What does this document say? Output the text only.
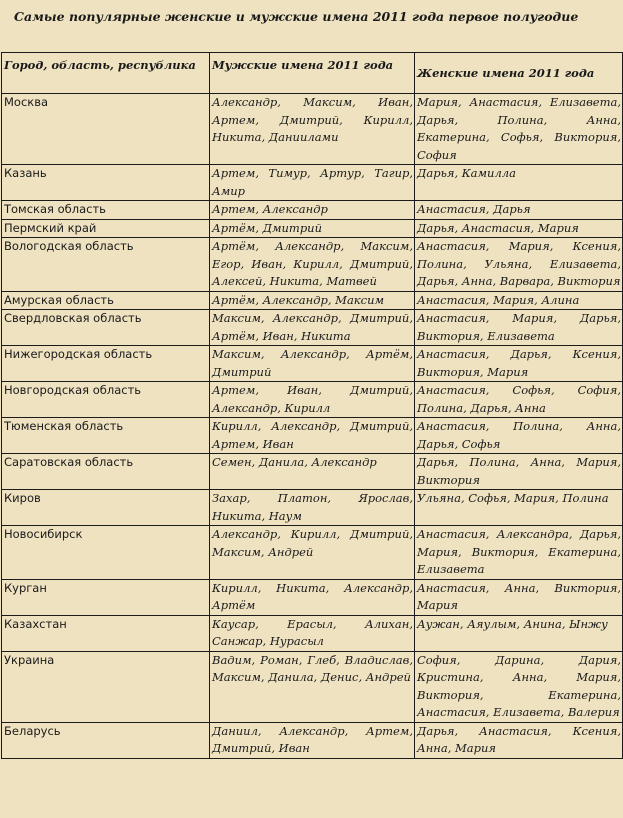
Самые популярные женские и мужские имена 2011 года первое полугодие
Город, область, республика	Мужские имена 2011 года	Женские имена 2011 года
Москва	Александр, Максим, Иван, Артем, Дмитрий, Кирилл, Никита, Даниилами	Мария, Анастасия, Елизавета, Дарья, Полина, Анна, Екатерина, Софья, Виктория, София
Казань	Артем, Тимур, Артур, Тагир, Амир	Дарья, Камилла
Томская область	Артем, Александр	Анастасия, Дарья
Пермский край	Артём, Дмитрий	Дарья, Анастасия, Мария
Вологодская область	Артём, Александр, Максим, Егор, Иван, Кирилл, Дмитрий, Алексей, Никита, Матвей	Анастасия, Мария, Ксения, Полина, Ульяна, Елизавета, Дарья, Анна, Варвара, Виктория
Амурская область	Артём, Александр, Максим	Анастасия, Мария, Алина
Свердловская область	Максим, Александр, Дмитрий, Артём, Иван, Никита	Анастасия, Мария, Дарья, Виктория, Елизавета
Нижегородская область	Максим, Александр, Артём, Дмитрий	Анастасия, Дарья, Ксения, Виктория, Мария
Новгородская область	Артем, Иван, Дмитрий, Александр, Кирилл	Анастасия, Софья, София, Полина, Дарья, Анна
Тюменская область	Кирилл, Александр, Дмитрий, Артем, Иван	Анастасия, Полина, Анна, Дарья, Софья
Саратовская область	Семен, Данила, Александр	Дарья, Полина, Анна, Мария, Виктория
Киров	Захар, Платон, Ярослав, Никита, Наум	Ульяна, Софья, Мария, Полина
Новосибирск	Александр, Кирилл, Дмитрий, Максим, Андрей	Анастасия, Александра, Дарья, Мария, Виктория, Екатерина, Елизавета
Курган	Кирилл, Никита, Александр, Артём	Анастасия, Анна, Виктория, Мария
Казахстан	Каусар, Ерасыл, Алихан, Санжар, Нурасыл	Аужан, Аяулым, Анина, Ынжу
Украина	Вадим, Роман, Глеб, Владислав, Максим, Данила, Денис, Андрей	София, Дарина, Дария, Кристина, Анна, Мария, Виктория, Екатерина, Анастасия, Елизавета, Валерия
Беларусь	Даниил, Александр, Артем, Дмитрий, Иван	Дарья, Анастасия, Ксения, Анна, Мария
